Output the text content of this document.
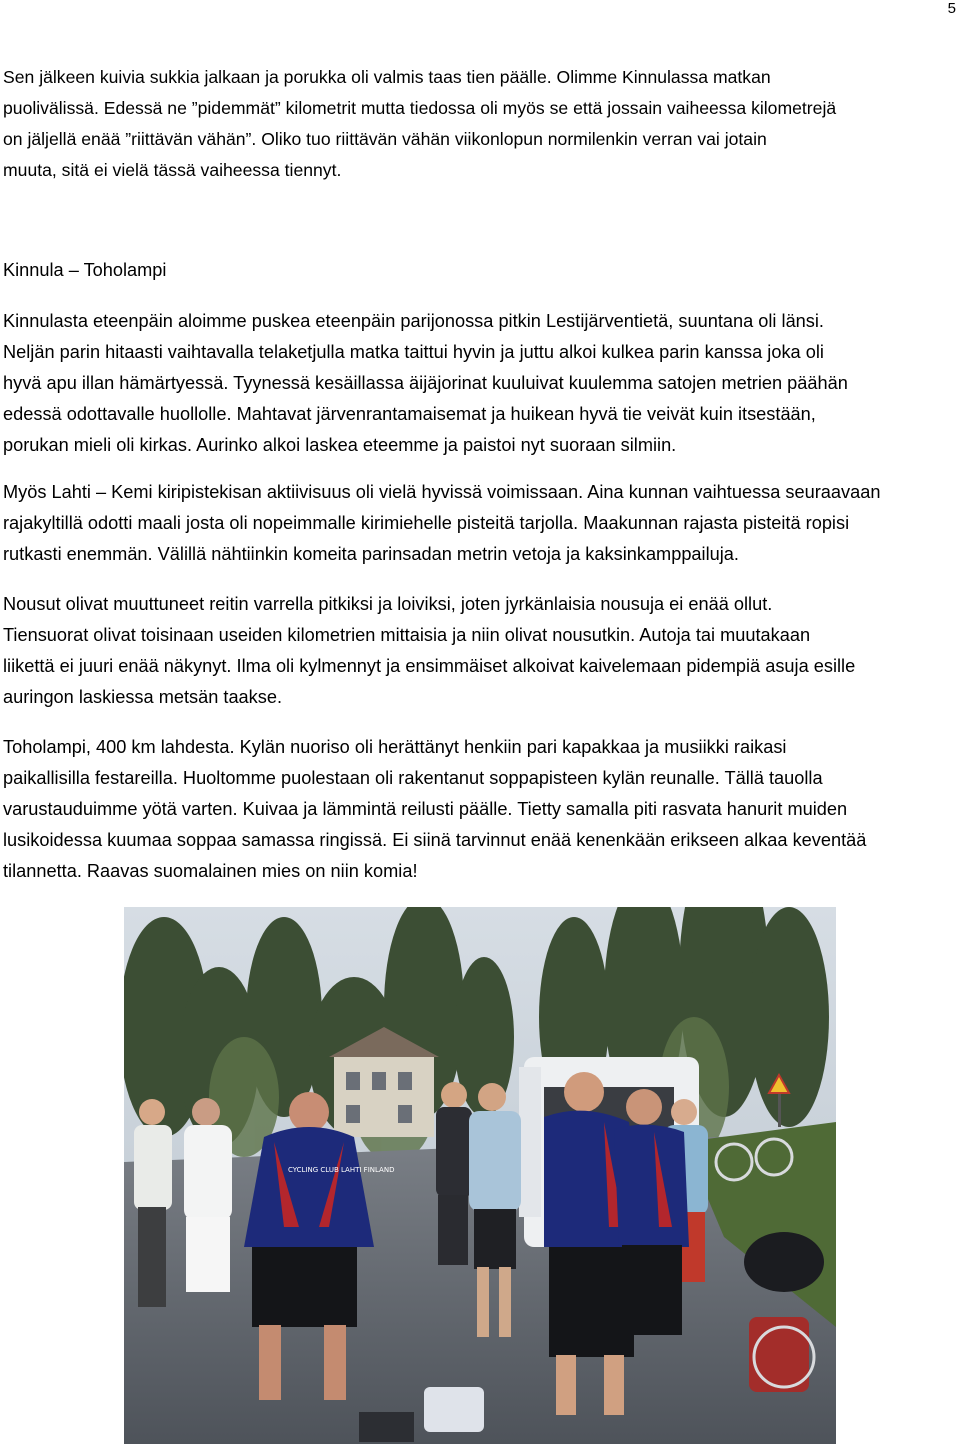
5

Sen jälkeen kuivia sukkia jalkaan ja porukka oli valmis taas tien päälle. Olimme Kinnulassa matkan
puolivälissä. Edessä ne ”pidemmät” kilometrit mutta tiedossa oli myös se että jossain vaiheessa kilometrejä
on jäljellä enää ”riittävän vähän”. Oliko tuo riittävän vähän viikonlopun normilenkin verran vai jotain
muuta, sitä ei vielä tässä vaiheessa tiennyt.

Kinnula – Toholampi

Kinnulasta eteenpäin aloimme puskea eteenpäin parijonossa pitkin Lestijärventietä, suuntana oli länsi.
Neljän parin hitaasti vaihtavalla telaketjulla matka taittui hyvin ja juttu alkoi kulkea parin kanssa joka oli
hyvä apu illan hämärtyessä. Tyynessä kesäillassa äijäjorinat kuuluivat kuulemma satojen metrien päähän
edessä odottavalle huollolle. Mahtavat järvenrantamaisemat ja huikean hyvä tie veivät kuin itsestään,
porukan mieli oli kirkas. Aurinko alkoi laskea eteemme ja paistoi nyt suoraan silmiin.

Myös Lahti – Kemi kiripistekisan aktiivisuus oli vielä hyvissä voimissaan. Aina kunnan vaihtuessa seuraavaan
rajakyltillä odotti maali josta oli nopeimmalle kirimiehelle pisteitä tarjolla. Maakunnan rajasta pisteitä ropisi
rutkasti enemmän. Välillä nähtiinkin komeita parinsadan metrin vetoja ja kaksinkamppailuja.

Nousut olivat muuttuneet reitin varrella pitkiksi ja loiviksi, joten jyrkänlaisia nousuja ei enää ollut.
Tiensuorat olivat toisinaan useiden kilometrien mittaisia ja niin olivat nousutkin. Autoja tai muutakaan
liikettä ei juuri enää näkynyt. Ilma oli kylmennyt ja ensimmäiset alkoivat kaivelemaan pidempiä asuja esille
auringon laskiessa metsän taakse.

Toholampi, 400 km lahdesta. Kylän nuoriso oli herättänyt henkiin pari kapakkaa ja musiikki raikasi
paikallisilla festareilla. Huoltomme puolestaan oli rakentanut soppapisteen kylän reunalle. Tällä tauolla
varustauduimme yötä varten. Kuivaa ja lämmintä reilusti päälle. Tietty samalla piti rasvata hanurit muiden
lusikoidessa kuumaa soppaa samassa ringissä. Ei siinä tarvinnut enää kenenkään erikseen alkaa keventää
tilannetta. Raavas suomalainen mies on niin komia!

CYCLING CLUB LAHTI FINLAND
